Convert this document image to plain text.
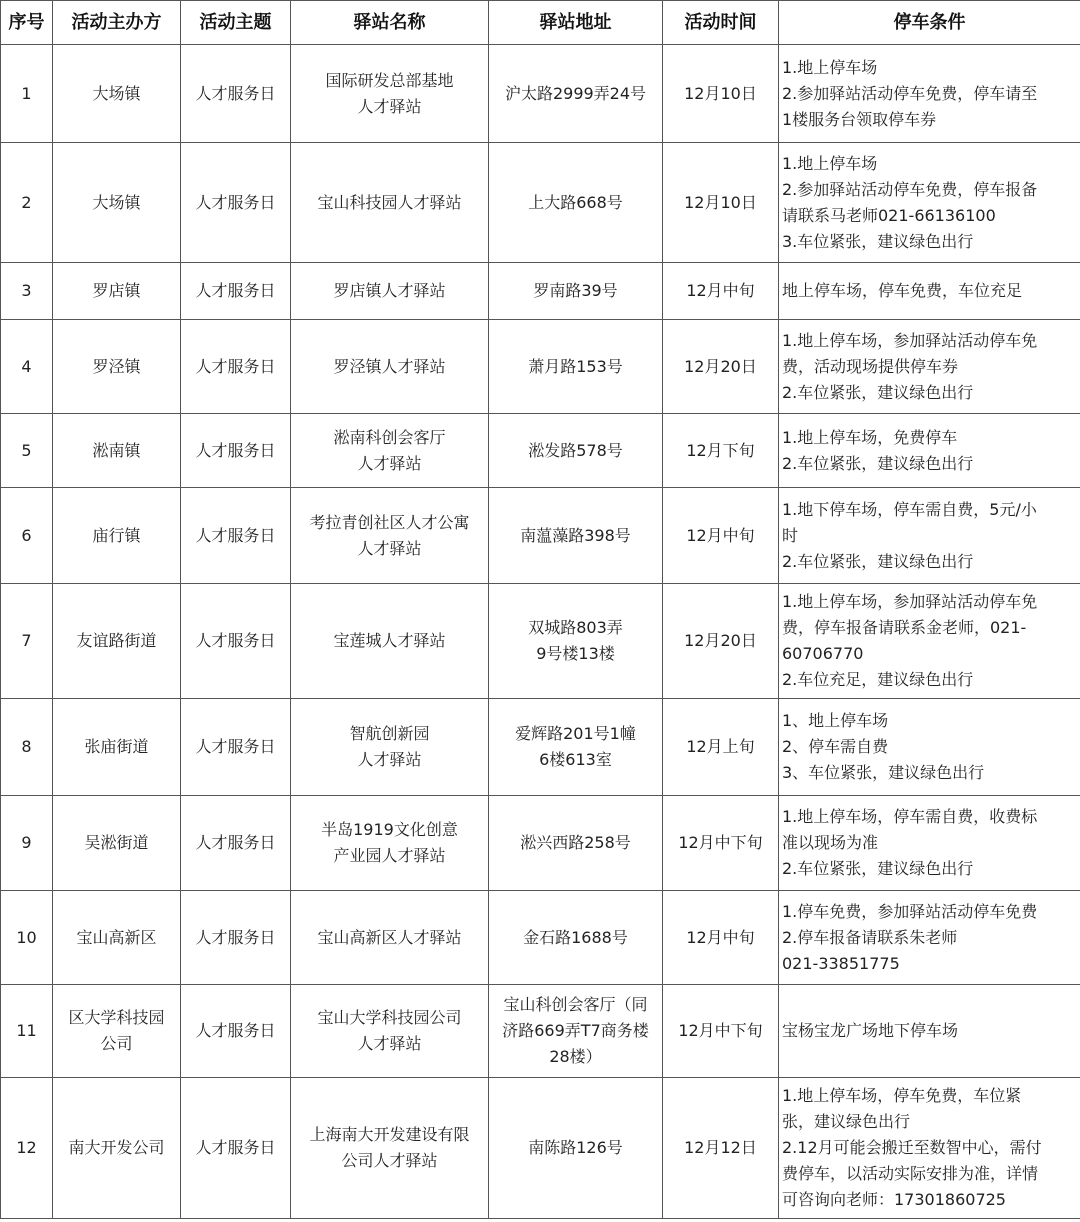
序号	活动主办方	活动主题	驿站名称	驿站地址	活动时间	停车条件
1	大场镇	人才服务日	国际研发总部基地
人才驿站	沪太路2999弄24号	12月10日	1.地上停车场
2.参加驿站活动停车免费，停车请至
1楼服务台领取停车券
2	大场镇	人才服务日	宝山科技园人才驿站	上大路668号	12月10日	1.地上停车场
2.参加驿站活动停车免费，停车报备
请联系马老师021-66136100
3.车位紧张，建议绿色出行
3	罗店镇	人才服务日	罗店镇人才驿站	罗南路39号	12月中旬	地上停车场，停车免费，车位充足
4	罗泾镇	人才服务日	罗泾镇人才驿站	萧月路153号	12月20日	1.地上停车场，参加驿站活动停车免
费，活动现场提供停车券
2.车位紧张，建议绿色出行
5	淞南镇	人才服务日	淞南科创会客厅
人才驿站	淞发路578号	12月下旬	1.地上停车场，免费停车
2.车位紧张，建议绿色出行
6	庙行镇	人才服务日	考拉青创社区人才公寓
人才驿站	南蕰藻路398号	12月中旬	1.地下停车场，停车需自费，5元/小
时
2.车位紧张，建议绿色出行
7	友谊路街道	人才服务日	宝莲城人才驿站	双城路803弄
9号楼13楼	12月20日	1.地上停车场，参加驿站活动停车免
费，停车报备请联系金老师，021-
60706770
2.车位充足，建议绿色出行
8	张庙街道	人才服务日	智航创新园
人才驿站	爱辉路201号1幢
6楼613室	12月上旬	1、地上停车场
2、停车需自费
3、车位紧张，建议绿色出行
9	吴淞街道	人才服务日	半岛1919文化创意
产业园人才驿站	淞兴西路258号	12月中下旬	1.地上停车场，停车需自费，收费标
准以现场为准
2.车位紧张，建议绿色出行
10	宝山高新区	人才服务日	宝山高新区人才驿站	金石路1688号	12月中旬	1.停车免费，参加驿站活动停车免费
2.停车报备请联系朱老师
021-33851775
11	区大学科技园
公司	人才服务日	宝山大学科技园公司
人才驿站	宝山科创会客厅（同
济路669弄T7商务楼
28楼）	12月中下旬	宝杨宝龙广场地下停车场
12	南大开发公司	人才服务日	上海南大开发建设有限
公司人才驿站	南陈路126号	12月12日	1.地上停车场，停车免费，车位紧
张，建议绿色出行
2.12月可能会搬迁至数智中心，需付
费停车，以活动实际安排为准，详情
可咨询向老师：17301860725
